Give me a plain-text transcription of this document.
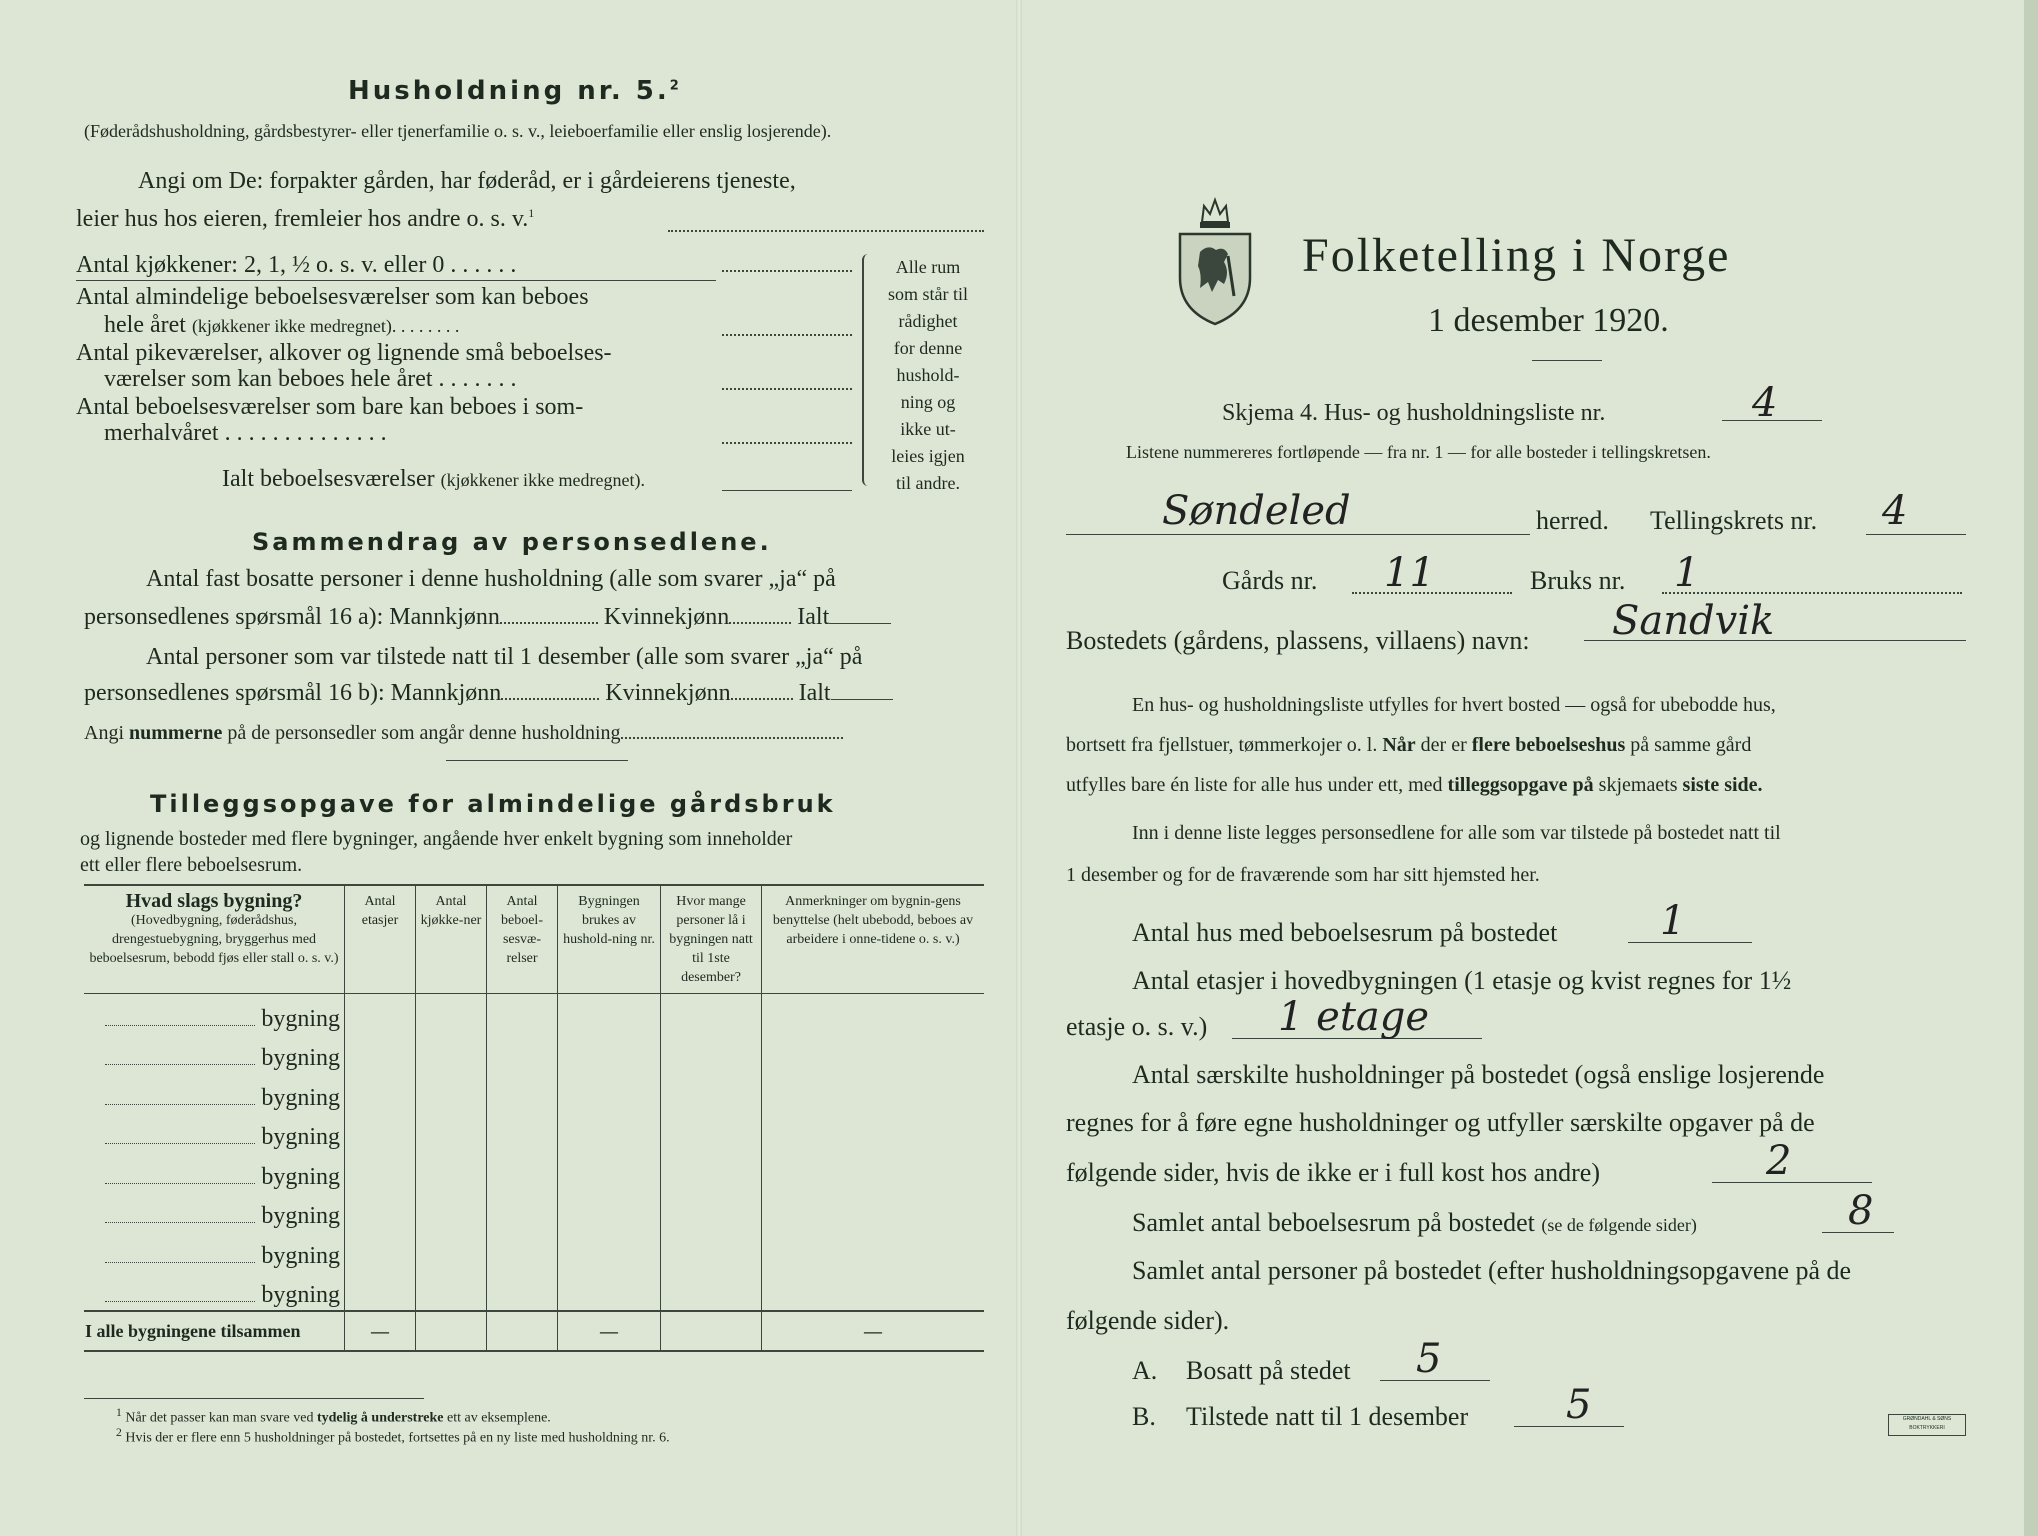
Husholdning nr. 5.$^2$
(Føderådshusholdning, gårdsbestyrer- eller tjenerfamilie o. s. v., leieboerfamilie eller enslig losjerende).
Angi om De: forpakter gården, har føderåd, er i gårdeierens tjeneste,
leier hus hos eieren, fremleier hos andre o. s. v.$^1$
Antal kjøkkener: 2, 1, ½ o. s. v. eller 0 . . . . . .
Antal almindelige beboelsesværelser som kan beboes
hele året (kjøkkener ikke medregnet). . . . . . . .
Antal pikeværelser, alkover og lignende små beboelses-
værelser som kan beboes hele året . . . . . . .
Antal beboelsesværelser som bare kan beboes i som-
merhalvåret . . . . . . . . . . . . . .
Ialt beboelsesværelser (kjøkkener ikke medregnet).
Alle rum
som står til
rådighet
for denne
hushold-
ning og
ikke ut-
leies igjen
til andre.
Sammendrag av personsedlene.
Antal fast bosatte personer i denne husholdning (alle som svarer „ja“ på
personsedlenes spørsmål 16 a): Mannkjønn	Kvinnekjønn	Ialt
Antal personer som var tilstede natt til 1 desember (alle som svarer „ja“ på
personsedlenes spørsmål 16 b): Mannkjønn	Kvinnekjønn	Ialt
Angi nummerne på de personsedler som angår denne husholdning
Tilleggsopgave for almindelige gårdsbruk
og lignende bosteder med flere bygninger, angående hver enkelt bygning som inneholder
ett eller flere beboelsesrum.
Hvad slags bygning?
(Hovedbygning, føderådshus, drengestuebygning, bryggerhus med beboelsesrum, bebodd fjøs eller stall o. s. v.)	Antal etasjer	Antal kjøkke-ner	Antal beboel-sesvæ-relser	Bygningen brukes av hushold-ning nr.	Hvor mange personer lå i bygningen natt til 1ste desember?	Anmerkninger om bygnin-gens benyttelse (helt ubebodd, beboes av arbeidere i onne-tidene o. s. v.)
bygning						
bygning						
bygning						
bygning						
bygning						
bygning						
bygning						
bygning						
I alle bygningene tilsammen	—			—		—
$^1$ Når det passer kan man svare ved tydelig å understreke ett av eksemplene.
$^2$ Hvis der er flere enn 5 husholdninger på bostedet, fortsettes på en ny liste med husholdning nr. 6.
Folketelling i Norge
1 desember 1920.
Skjema 4. Hus- og husholdningsliste nr.	4
Listene nummereres fortløpende — fra nr. 1 — for alle bosteder i tellingskretsen.
Søndeled	herred. Tellingskrets nr. 4
Gårds nr. 11	Bruks nr. 1
Bostedets (gårdens, plassens, villaens) navn: Sandvik
En hus- og husholdningsliste utfylles for hvert bosted — også for ubebodde hus,
bortsett fra fjellstuer, tømmerkojer o. l. Når der er flere beboelseshus på samme gård
utfylles bare én liste for alle hus under ett, med tilleggsopgave på skjemaets siste side.
Inn i denne liste legges personsedlene for alle som var tilstede på bostedet natt til
1 desember og for de fraværende som har sitt hjemsted her.
Antal hus med beboelsesrum på bostedet	1
Antal etasjer i hovedbygningen (1 etasje og kvist regnes for 1½
etasje o. s. v.) 1 etage
Antal særskilte husholdninger på bostedet (også enslige losjerende
regnes for å føre egne husholdninger og utfyller særskilte opgaver på de
følgende sider, hvis de ikke er i full kost hos andre)	2
Samlet antal beboelsesrum på bostedet (se de følgende sider)	8
Samlet antal personer på bostedet (efter husholdningsopgavene på de
følgende sider).
A. Bosatt på stedet 5
B. Tilstede natt til 1 desember 5	GRØNDAHL & SØNS BOKTRYKKERI
